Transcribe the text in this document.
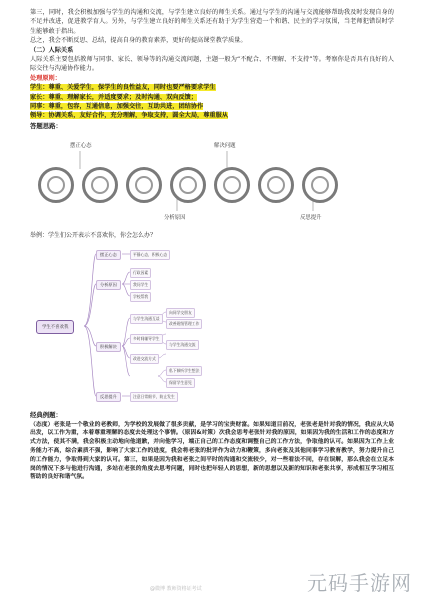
第三，同时，我会积极加强与学生的沟通和交流，与学生建立良好的师生关系。通过与学生的沟通与交流能够帮助我及时发现自身的不足并改进，促进教学育人。另外，与学生建立良好的师生关系还有助于为学生营造一个和谐、民主的学习氛围，当老师犯错误时学生能够敢于指出。

总之，我会不断反思、总结，提高自身的教育素养，更好的提高课堂教学质量。

（二）人际关系

人际关系主要包括教师与同事、家长、领导等的沟通交流问题，主题一般为“不配合、不理解、不支持”等。考察你是否具有良好的人际交往与沟通协作能力。

处理原则：

学生：尊重、关爱学生，保学生的良性益友，同时也要严格要求学生
家长：尊重、理解家长，并适度要求；及时沟通、双向反馈；
同事：尊重，包容，互通信息，加强交往，互助共进，团结协作
领导：协调关系，友好合作，充分理解，争取支持，圆全大局，尊重服从

答题思路：

摆正心态	解决问题
分析原因	反思提升

举例：学生们公开表示不喜欢你，你会怎么办？

学生不喜欢我
摆正心态	平静心态，积极心态
分析原因
行政因素
我问学生
学校帮我
积极解决
与学生沟通互谈
向同学交朋友
改善班级管理工作
多时间辅导学生
与学生沟通交流
改进交流方式
私下倾听学生想法
保留学生意见
反思提升	注意日常细节，防止发生

经典例题：

（态度）老张是一个敬业的老教师，为学校的发展做了很多贡献，是学习的宝贵财富。如果知道目前况，老张老是针对我的情况，我应从大局出发，以工作为重，本着尊重理解的态度去处理这个事情。（原因&对策）次我会思考老张针对我的原因，如果因为我的生活和工作的态度和方式方法，使其不满，我会积极主动地向他道歉，并向他学习，端正自己的工作态度和调整自己的工作方法，争取他的认可。如果因为工作上业务能力不高，综合素质不强，影响了大家工作的进度，我会将老张的批评作为动力和鞭策，多向老张及其他同事学习教育教学，努力提升自己的工作能力，争取得到大家的认可。第三，如果是因为我和老张之间平时的沟通和交流较少，对一些看法不同，存在误解，那么我会在立足本岗的情况下多与他进行沟通，多站在老张的角度去思考问题，同时也把年轻人的思想，新的思想以及新的知识和老张共享，形成相互学习相互帮助的良好和谐气氛。

@微博 教师资格证考试	元码手游网
